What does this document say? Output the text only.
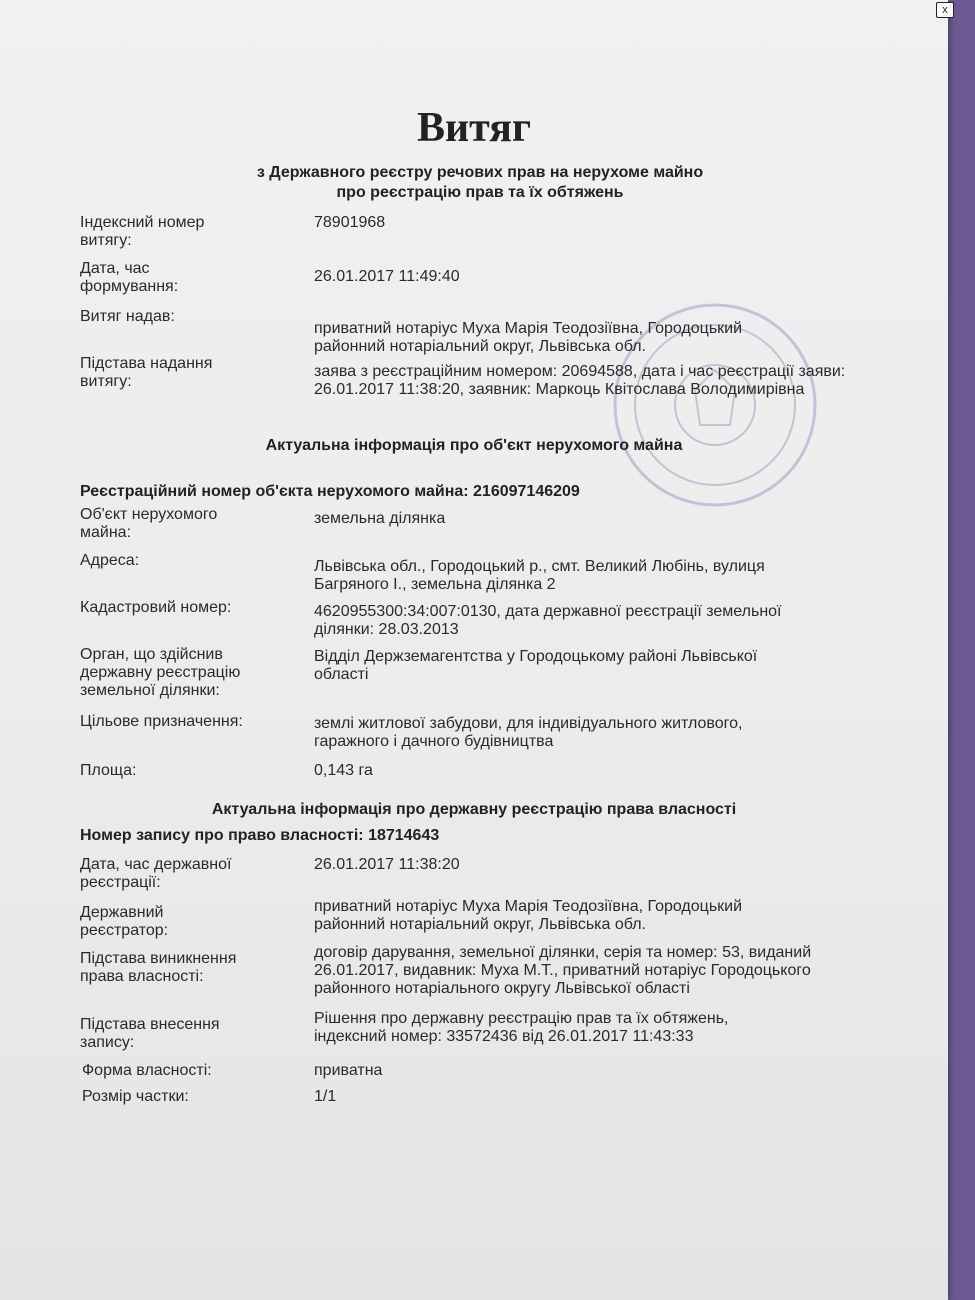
x
Витяг
з Державного реєстру речових прав на нерухоме майно
про реєстрацію прав та їх обтяжень
Індексний номер витягу:
78901968
Дата, час формування:
26.01.2017 11:49:40
Витяг надав:
приватний нотаріус Муха Марія Теодозіївна, Городоцький районний нотаріальний округ, Львівська обл.
Підстава надання витягу:
заява з реєстраційним номером: 20694588, дата і час реєстрації заяви: 26.01.2017 11:38:20, заявник: Маркоць Квітослава Володимирівна
Актуальна інформація про об'єкт нерухомого майна
Реєстраційний номер об'єкта нерухомого майна: 216097146209
Об'єкт нерухомого майна:
земельна ділянка
Адреса:	Львівська обл., Городоцький р., смт. Великий Любінь, вулиця Багряного І., земельна ділянка 2
Кадастровий номер:	4620955300:34:007:0130, дата державної реєстрації земельної ділянки: 28.03.2013
Орган, що здійснив державну реєстрацію земельної ділянки:
Відділ Держземагентства у Городоцькому районі Львівської області
Цільове призначення:	землі житлової забудови, для індивідуального житлового, гаражного і дачного будівництва
Площа:	0,143 га
Актуальна інформація про державну реєстрацію права власності
Номер запису про право власності: 18714643
Дата, час державної реєстрації:
26.01.2017 11:38:20
Державний реєстратор:
приватний нотаріус Муха Марія Теодозіївна, Городоцький районний нотаріальний округ, Львівська обл.
Підстава виникнення права власності:
договір дарування, земельної ділянки, серія та номер: 53, виданий 26.01.2017, видавник: Муха М.Т., приватний нотаріус Городоцького районного нотаріального округу Львівської області
Підстава внесення запису:
Рішення про державну реєстрацію прав та їх обтяжень, індексний номер: 33572436 від 26.01.2017 11:43:33
Форма власності:	приватна
Розмір частки:	1/1
